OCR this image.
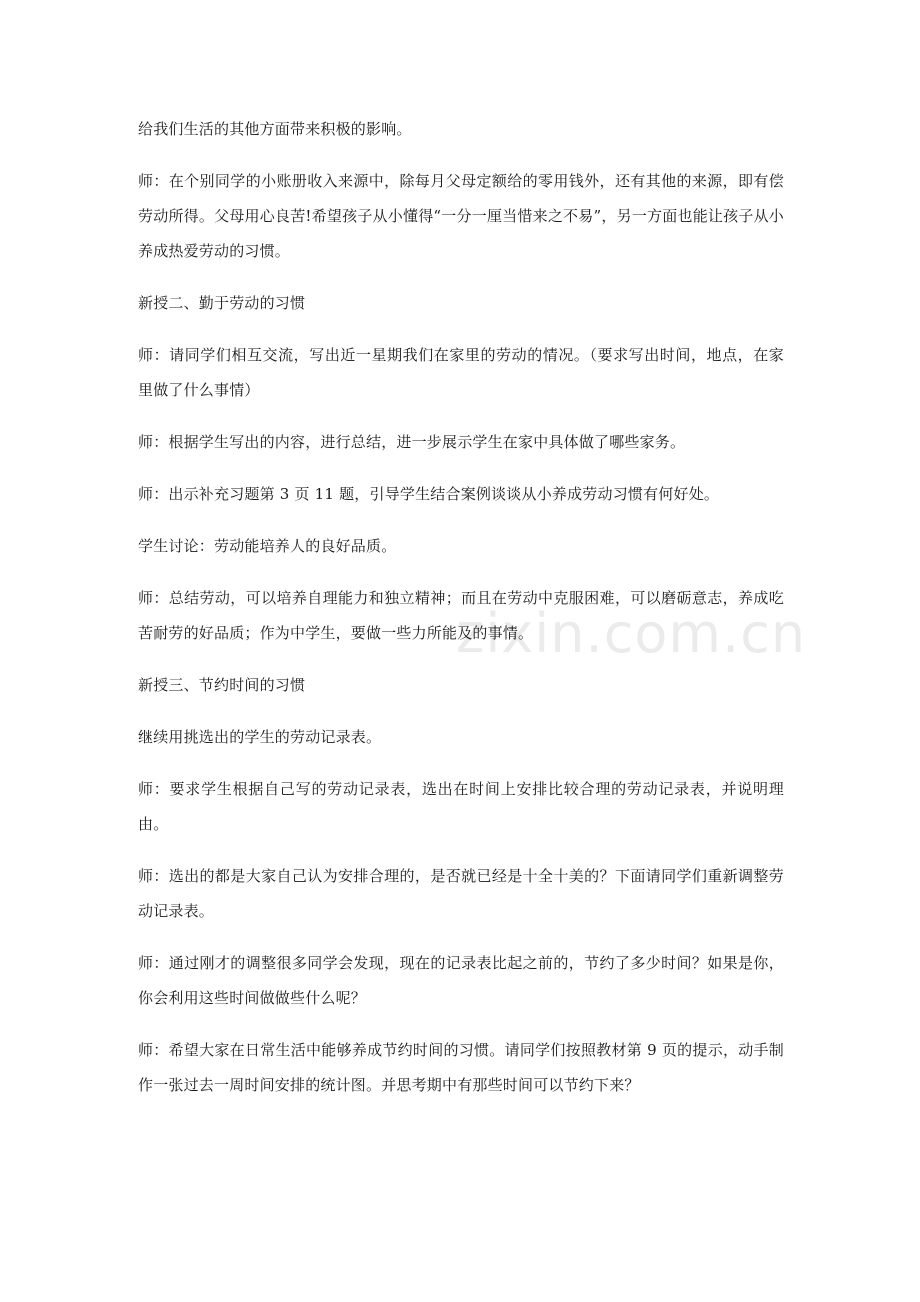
给我们生活的其他方面带来积极的影响。

师：在个别同学的小账册收入来源中，除每月父母定额给的零用钱外，还有其他的来源，即有偿劳动所得。父母用心良苦!希望孩子从小懂得“一分一厘当惜来之不易”，另一方面也能让孩子从小养成热爱劳动的习惯。

新授二、勤于劳动的习惯

师：请同学们相互交流，写出近一星期我们在家里的劳动的情况。（要求写出时间，地点，在家里做了什么事情）

师：根据学生写出的内容，进行总结，进一步展示学生在家中具体做了哪些家务。

师：出示补充习题第 3 页 11 题，引导学生结合案例谈谈从小养成劳动习惯有何好处。

学生讨论：劳动能培养人的良好品质。

师：总结劳动，可以培养自理能力和独立精神；而且在劳动中克服困难，可以磨砺意志，养成吃苦耐劳的好品质；作为中学生，要做一些力所能及的事情。

新授三、节约时间的习惯

继续用挑选出的学生的劳动记录表。

师：要求学生根据自己写的劳动记录表，选出在时间上安排比较合理的劳动记录表，并说明理由。

师：选出的都是大家自己认为安排合理的，是否就已经是十全十美的？下面请同学们重新调整劳动记录表。

师：通过刚才的调整很多同学会发现，现在的记录表比起之前的，节约了多少时间？如果是你，你会利用这些时间做做些什么呢？

师：希望大家在日常生活中能够养成节约时间的习惯。请同学们按照教材第 9 页的提示，动手制作一张过去一周时间安排的统计图。并思考期中有那些时间可以节约下来？

zixin.com.cn
